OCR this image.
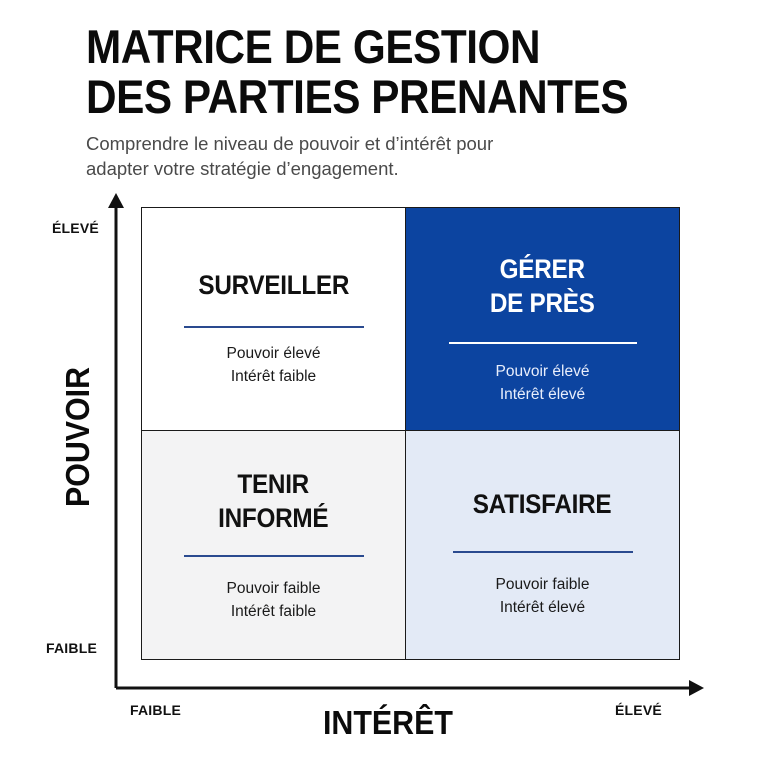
MATRICE DE GESTION
DES PARTIES PRENANTES
Comprendre le niveau de pouvoir et d’intérêt pour
adapter votre stratégie d’engagement.
SURVEILLER
Pouvoir élevé
Intérêt faible
GÉRER
DE PRÈS
Pouvoir élevé
Intérêt élevé
TENIR
INFORMÉ
Pouvoir faible
Intérêt faible
SATISFAIRE
Pouvoir faible
Intérêt élevé
ÉLEVÉ
FAIBLE
FAIBLE	ÉLEVÉ
INTÉRÊT
POUVOIR
